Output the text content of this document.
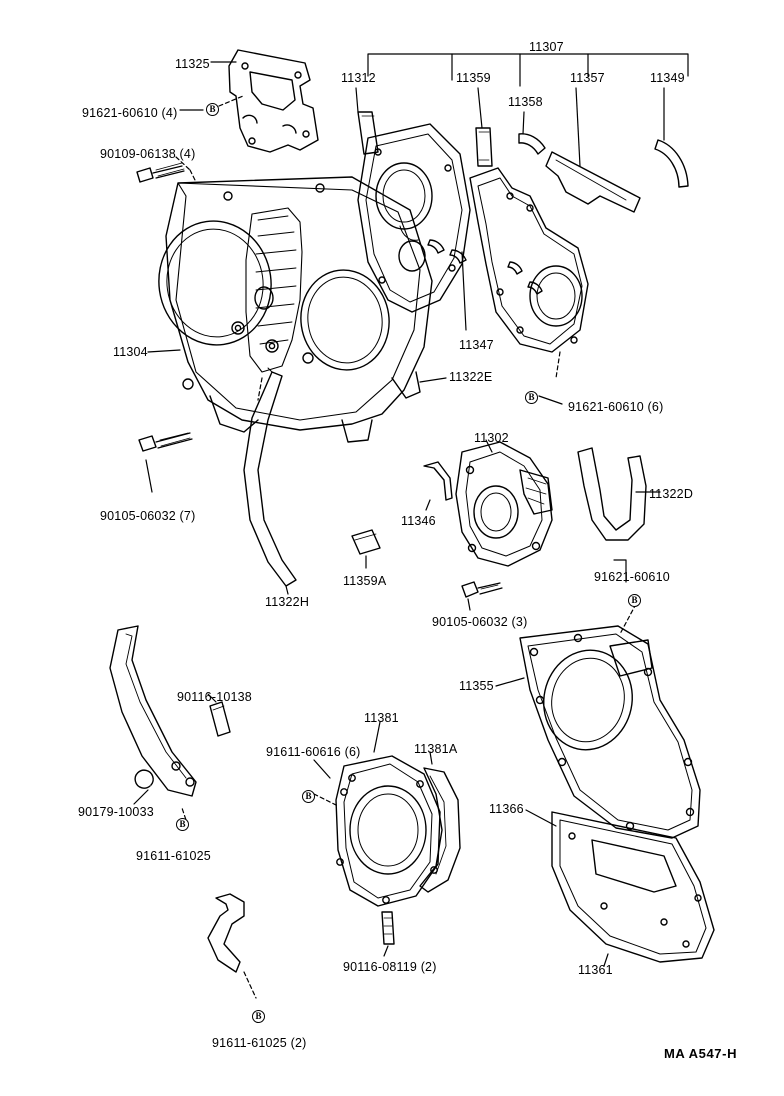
B
B
B
B
B
B
11325
91621-60610 (4)
90109-06138 (4)
11304
90105-06032 (7)
11322H
11359A
11346
90105-06032 (3)
11302
11322D
91621-60610
11307
11312	11359
11358
11357	11349
11347
11322E
91621-60610 (6)
90116-10138
90179-10033
91611-61025
91611-60616 (6)
11381
11381A
90116-08119 (2)
91611-61025 (2)
11355
11366
11361
MA A547-H
